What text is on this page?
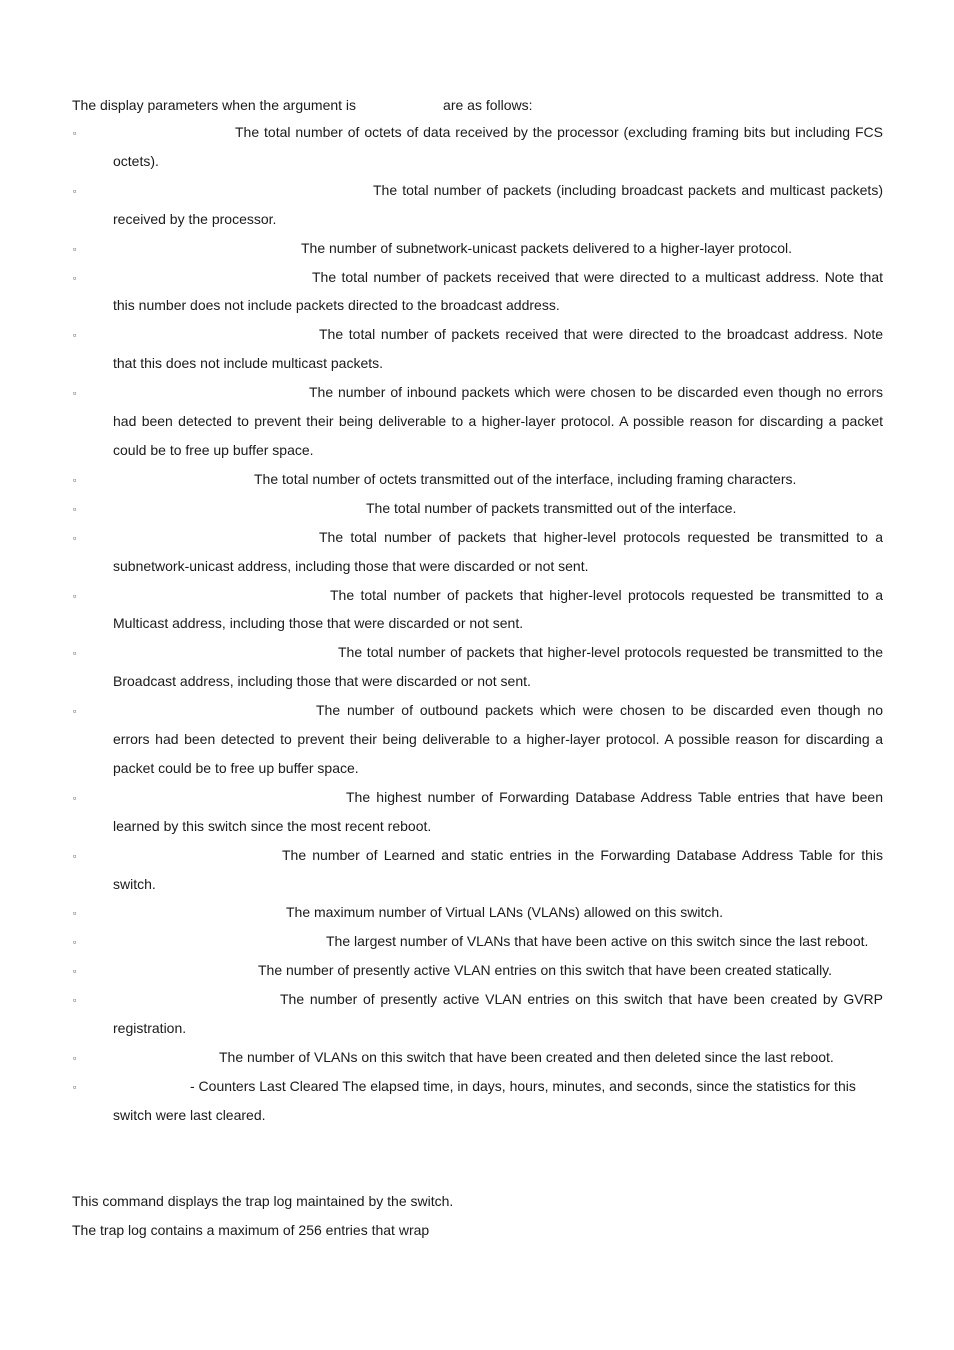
The display parameters when the argument is	are as follows:
▫	The total number of octets of data received by the processor (excluding framing bits but including FCS octets).
▫	The total number of packets (including broadcast packets and multicast packets) received by the processor.
▫	The number of subnetwork-unicast packets delivered to a higher-layer protocol.
▫	The total number of packets received that were directed to a multicast address. Note that this number does not include packets directed to the broadcast address.
▫	The total number of packets received that were directed to the broadcast address. Note that this does not include multicast packets.
▫	The number of inbound packets which were chosen to be discarded even though no errors had been detected to prevent their being deliverable to a higher-layer protocol. A possible reason for discarding a packet could be to free up buffer space.
▫	The total number of octets transmitted out of the interface, including framing characters.
▫	The total number of packets transmitted out of the interface.
▫	The total number of packets that higher-level protocols requested be transmitted to a subnetwork-unicast address, including those that were discarded or not sent.
▫	The total number of packets that higher-level protocols requested be transmitted to a Multicast address, including those that were discarded or not sent.
▫	The total number of packets that higher-level protocols requested be transmitted to the Broadcast address, including those that were discarded or not sent.
▫	The number of outbound packets which were chosen to be discarded even though no errors had been detected to prevent their being deliverable to a higher-layer protocol. A possible reason for discarding a packet could be to free up buffer space.
▫	The highest number of Forwarding Database Address Table entries that have been learned by this switch since the most recent reboot.
▫	The number of Learned and static entries in the Forwarding Database Address Table for this switch.
▫	The maximum number of Virtual LANs (VLANs) allowed on this switch.
▫	The largest number of VLANs that have been active on this switch since the last reboot.
▫	The number of presently active VLAN entries on this switch that have been created statically.
▫	The number of presently active VLAN entries on this switch that have been created by GVRP registration.
▫	The number of VLANs on this switch that have been created and then deleted since the last reboot.
▫	- Counters Last Cleared The elapsed time, in days, hours, minutes, and seconds, since the statistics for this switch were last cleared.
This command displays the trap log maintained by the switch.
The trap log contains a maximum of 256 entries that wrap
